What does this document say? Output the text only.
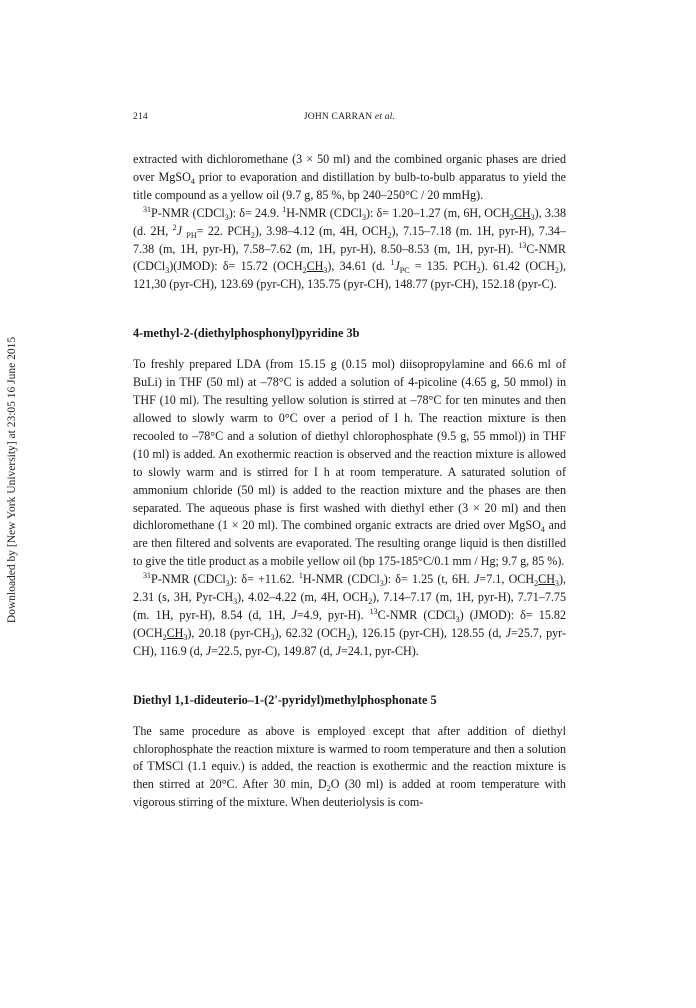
Downloaded by [New York University] at 23:05 16 June 2015
214	JOHN CARRAN et al.

extracted with dichloromethane (3 × 50 ml) and the combined organic phases are dried over MgSO$_4$ prior to evaporation and distillation by bulb-to-bulb apparatus to yield the title compound as a yellow oil (9.7 g, 85 %, bp 240–250°C / 20 mmHg).

$^{31}$P-NMR (CDCl$_3$): δ= 24.9. $^1$H-NMR (CDCl$_3$): δ= 1.20–1.27 (m, 6H, $OCH_2CH_3$), 3.38 (d. 2H, $^2$J $_{PH}$= 22. $PCH_2$), 3.98–4.12 (m, 4H, $OCH_2$), 7.15–7.18 (m. 1H, pyr-H), 7.34–7.38 (m, 1H, pyr-H), 7.58–7.62 (m, 1H, pyr-H), 8.50–8.53 (m, 1H, pyr-H). $^{13}$C-NMR (CDCl$_3$)(JMOD): δ= 15.72 $(OCH_2CH_3)$, 34.61 (d. $^1J_{PC} = 135$. $PCH_2$). 61.42 $(OCH_2)$, 121,30 (pyr-CH), 123.69 (pyr-CH), 135.75 (pyr-CH), 148.77 (pyr-CH), 152.18 (pyr-C).

4-methyl-2-(diethylphosphonyl)pyridine 3b

To freshly prepared LDA (from 15.15 g (0.15 mol) diisopropylamine and 66.6 ml of BuLi) in THF (50 ml) at –78°C is added a solution of 4-picoline (4.65 g, 50 mmol) in THF (10 ml). The resulting yellow solution is stirred at –78°C for ten minutes and then allowed to slowly warm to 0°C over a period of I h. The reaction mixture is then recooled to –78°C and a solution of diethyl chlorophosphate (9.5 g, 55 mmol)) in THF (10 ml) is added. An exothermic reaction is observed and the reaction mixture is allowed to slowly warm and is stirred for I h at room temperature. A saturated solution of ammonium chloride (50 ml) is added to the reaction mixture and the phases are then separated. The aqueous phase is first washed with diethyl ether (3 × 20 ml) and then dichloromethane (1 × 20 ml). The combined organic extracts are dried over MgSO$_4$ and are then filtered and solvents are evaporated. The resulting orange liquid is then distilled to give the title product as a mobile yellow oil (bp 175-185°C/0.1 mm / Hg; 9.7 g, 85 %).

$^{31}$P-NMR (CDCl$_3$): δ= +11.62. $^1$H-NMR (CDCl$_3$): δ= 1.25 (t, 6H. J=7.1, $OCH_2CH_3$), 2.31 (s, 3H, Pyr-$CH_3$), 4.02–4.22 (m, 4H, $OCH_2$), 7.14–7.17 (m, 1H, pyr-H), 7.71–7.75 (m. 1H, pyr-H), 8.54 (d, 1H, J=4.9, pyr-H). $^{13}$C-NMR (CDCl$_3$) (JMOD): δ= 15.82 $(OCH_2CH_3)$, 20.18 $(pyr-CH_3)$, 62.32 $(OCH_2)$, 126.15 (pyr-CH), 128.55 (d, J=25.7, pyr-CH), 116.9 (d, J=22.5, pyr-C), 149.87 (d, J=24.1, pyr-CH).

Diethyl 1,1-dideuterio–1-(2'-pyridyl)methylphosphonate 5

The same procedure as above is employed except that after addition of diethyl chlorophosphate the reaction mixture is warmed to room temperature and then a solution of TMSCl (1.1 equiv.) is added, the reaction is exothermic and the reaction mixture is then stirred at 20°C. After 30 min, $D_2O$ (30 ml) is added at room temperature with vigorous stirring of the mixture. When deuteriolysis is com-
